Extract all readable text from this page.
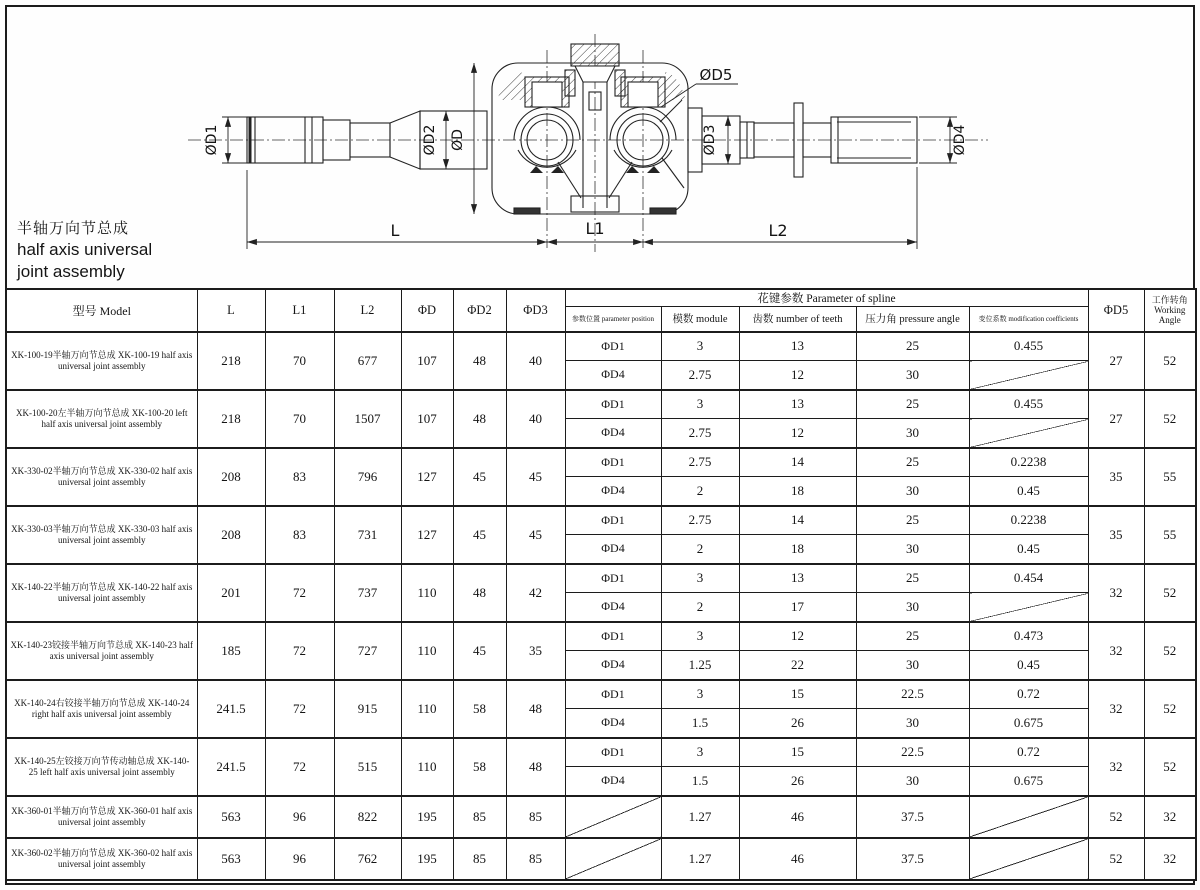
ØD1	ØD2 ØD	ØD3	ØD4
ØD5
L	L1	L2
半轴万向节总成
half axis universal
joint assembly
型号 Model	L	L1	L2	ΦD	ΦD2	ΦD3	花键参数 Parameter of spline					ΦD5	工作转角
Working Angle

							参数位置 parameter position	模数 module	齿数 number of teeth	压力角 pressure angle	变位系数 modification coefficients		
XK-100-19半轴万向节总成 XK-100-19 half axis universal joint assembly	218	70	677	107	48	40	ΦD1	3	13	25	0.455	27	52
							ΦD4	2.75	12	30			
XK-100-20左半轴万向节总成 XK-100-20 left half axis universal joint assembly	218	70	1507	107	48	40	ΦD1	3	13	25	0.455	27	52
							ΦD4	2.75	12	30			
XK-330-02半轴万向节总成 XK-330-02 half axis universal joint assembly	208	83	796	127	45	45	ΦD1	2.75	14	25	0.2238	35	55
							ΦD4	2	18	30	0.45		
XK-330-03半轴万向节总成 XK-330-03 half axis universal joint assembly	208	83	731	127	45	45	ΦD1	2.75	14	25	0.2238	35	55
							ΦD4	2	18	30	0.45		
XK-140-22半轴万向节总成 XK-140-22 half axis universal joint assembly	201	72	737	110	48	42	ΦD1	3	13	25	0.454	32	52
							ΦD4	2	17	30			
XK-140-23铰接半轴万向节总成 XK-140-23 half axis universal joint assembly	185	72	727	110	45	35	ΦD1	3	12	25	0.473	32	52
							ΦD4	1.25	22	30	0.45		
XK-140-24右铰接半轴万向节总成 XK-140-24 right half axis universal joint assembly	241.5	72	915	110	58	48	ΦD1	3	15	22.5	0.72	32	52
							ΦD4	1.5	26	30	0.675		
XK-140-25左铰接万向节传动轴总成 XK-140-25 left half axis universal joint assembly	241.5	72	515	110	58	48	ΦD1	3	15	22.5	0.72	32	52
							ΦD4	1.5	26	30	0.675		
XK-360-01半轴万向节总成 XK-360-01 half axis universal joint assembly	563	96	822	195	85	85		1.27	46	37.5		52	32
XK-360-02半轴万向节总成 XK-360-02 half axis universal joint assembly	563	96	762	195	85	85		1.27	46	37.5		52	32
